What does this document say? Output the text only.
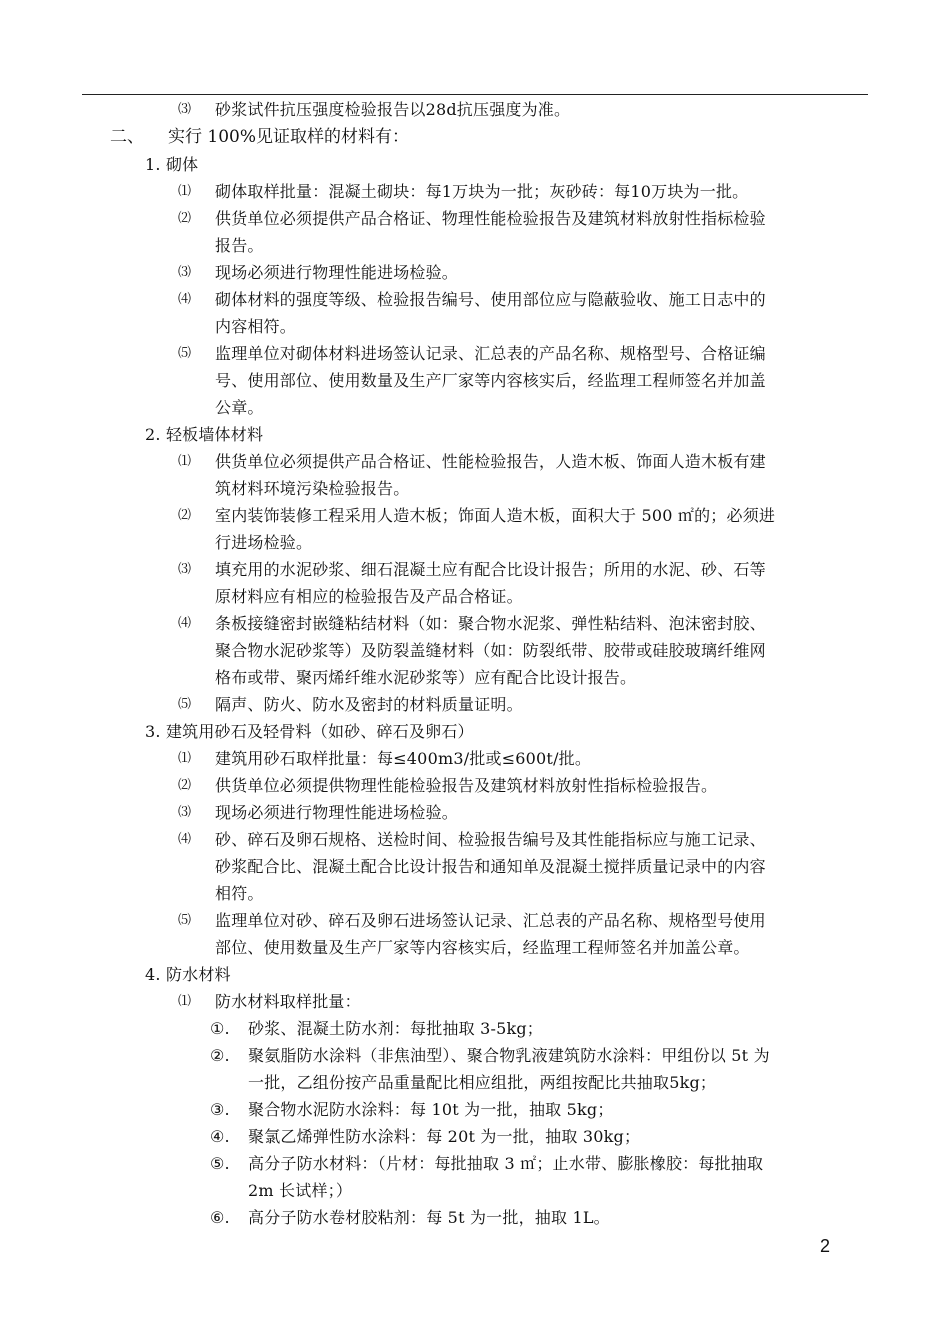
⑶ 砂浆试件抗压强度检验报告以28d抗压强度为准。
二、 实行 100%见证取样的材料有：
1. 砌体
⑴ 砌体取样批量：混凝土砌块：每1万块为一批；灰砂砖：每10万块为一批。
⑵ 供货单位必须提供产品合格证、物理性能检验报告及建筑材料放射性指标检验
报告。
⑶ 现场必须进行物理性能进场检验。
⑷ 砌体材料的强度等级、检验报告编号、使用部位应与隐蔽验收、施工日志中的
内容相符。
⑸ 监理单位对砌体材料进场签认记录、汇总表的产品名称、规格型号、合格证编
号、使用部位、使用数量及生产厂家等内容核实后，经监理工程师签名并加盖
公章。
2. 轻板墙体材料
⑴ 供货单位必须提供产品合格证、性能检验报告，人造木板、饰面人造木板有建
筑材料环境污染检验报告。
⑵ 室内装饰装修工程采用人造木板；饰面人造木板，面积大于 500 ㎡的；必须进
行进场检验。
⑶ 填充用的水泥砂浆、细石混凝土应有配合比设计报告；所用的水泥、砂、石等
原材料应有相应的检验报告及产品合格证。
⑷ 条板接缝密封嵌缝粘结材料（如：聚合物水泥浆、弹性粘结料、泡沫密封胶、
聚合物水泥砂浆等）及防裂盖缝材料（如：防裂纸带、胶带或硅胶玻璃纤维网
格布或带、聚丙烯纤维水泥砂浆等）应有配合比设计报告。
⑸ 隔声、防火、防水及密封的材料质量证明。
3. 建筑用砂石及轻骨料（如砂、碎石及卵石）
⑴ 建筑用砂石取样批量：每≤400m3/批或≤600t/批。
⑵ 供货单位必须提供物理性能检验报告及建筑材料放射性指标检验报告。
⑶ 现场必须进行物理性能进场检验。
⑷ 砂、碎石及卵石规格、送检时间、检验报告编号及其性能指标应与施工记录、
砂浆配合比、混凝土配合比设计报告和通知单及混凝土搅拌质量记录中的内容
相符。
⑸ 监理单位对砂、碎石及卵石进场签认记录、汇总表的产品名称、规格型号使用
部位、使用数量及生产厂家等内容核实后，经监理工程师签名并加盖公章。
4. 防水材料
⑴ 防水材料取样批量：
①. 砂浆、混凝土防水剂：每批抽取 3-5kg；
②. 聚氨脂防水涂料（非焦油型）、聚合物乳液建筑防水涂料：甲组份以 5t 为
一批，乙组份按产品重量配比相应组批，两组按配比共抽取5kg；
③. 聚合物水泥防水涂料：每 10t 为一批，抽取 5kg；
④. 聚氯乙烯弹性防水涂料：每 20t 为一批，抽取 30kg；
⑤. 高分子防水材料：（片材：每批抽取 3 ㎡；止水带、膨胀橡胶：每批抽取
2m 长试样；）
⑥. 高分子防水卷材胶粘剂：每 5t 为一批，抽取 1L。
2
